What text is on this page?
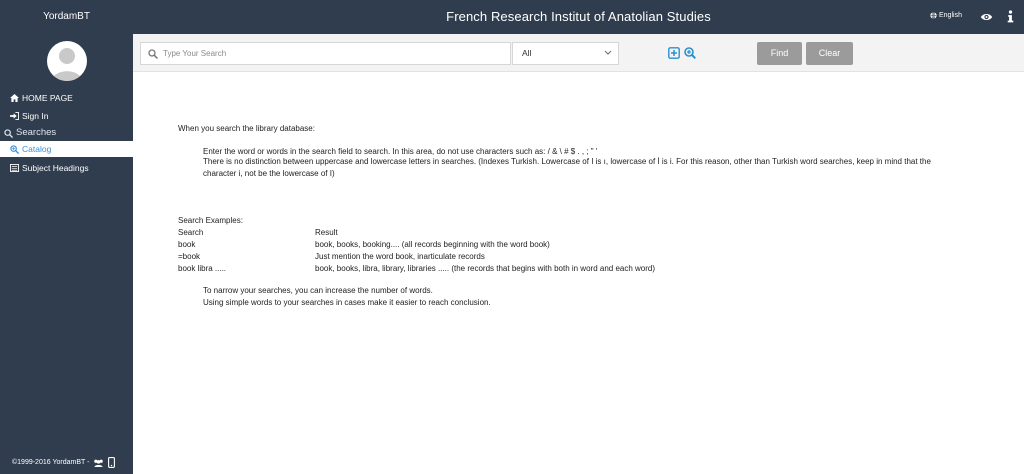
YordamBT	French Research Institut of Anatolian Studies	English
HOME PAGE
Sign In
Searches
Catalog
Subject Headings
©1999-2016 YordamBT -
Type Your Search
All	Find	Clear
When you search the library database:
Enter the word or words in the search field to search. In this area, do not use characters such as: / & \ # $ . , ; " '
There is no distinction between uppercase and lowercase letters in searches. (Indexes Turkish. Lowercase of I is ı, lowercase of İ is i. For this reason, other than Turkish word searches, keep in mind that the character i, not be the lowercase of I)
Search Examples:
Search	Result
book	book, books, booking.... (all records beginning with the word book)
=book	Just mention the word book, inarticulate records
book libra .....	book, books, libra, library, libraries ..... (the records that begins with both in word and each word)
To narrow your searches, you can increase the number of words.
Using simple words to your searches in cases make it easier to reach conclusion.
